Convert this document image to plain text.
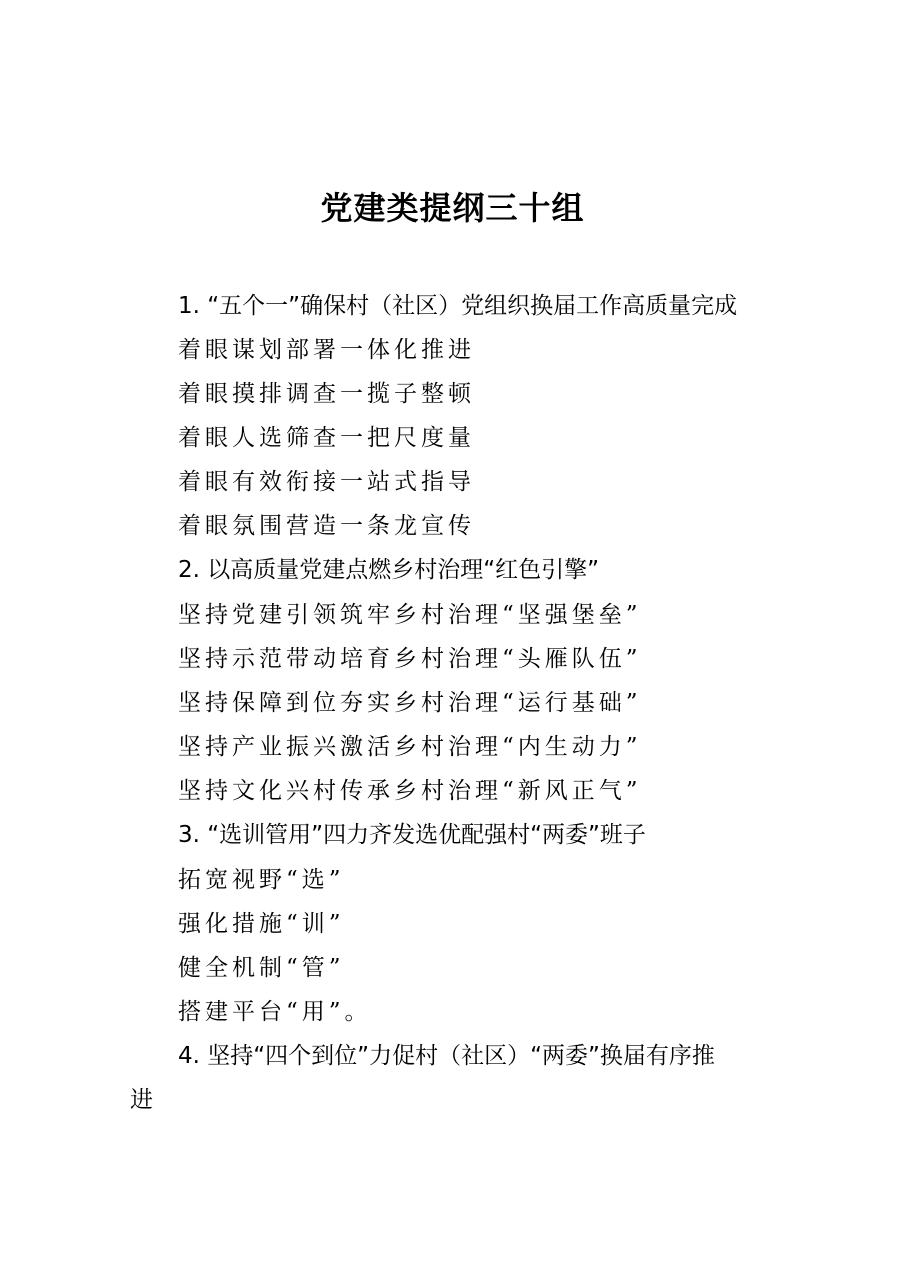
党建类提纲三十组
1. “五个一”确保村（社区）党组织换届工作高质量完成
着眼谋划部署一体化推进
着眼摸排调查一揽子整顿
着眼人选筛查一把尺度量
着眼有效衔接一站式指导
着眼氛围营造一条龙宣传
2. 以高质量党建点燃乡村治理“红色引擎”
坚持党建引领筑牢乡村治理“坚强堡垒”
坚持示范带动培育乡村治理“头雁队伍”
坚持保障到位夯实乡村治理“运行基础”
坚持产业振兴激活乡村治理“内生动力”
坚持文化兴村传承乡村治理“新风正气”
3. “选训管用”四力齐发选优配强村“两委”班子
拓宽视野“选”
强化措施“训”
健全机制“管”
搭建平台“用”。
4. 坚持“四个到位”力促村（社区）“两委”换届有序推
进
